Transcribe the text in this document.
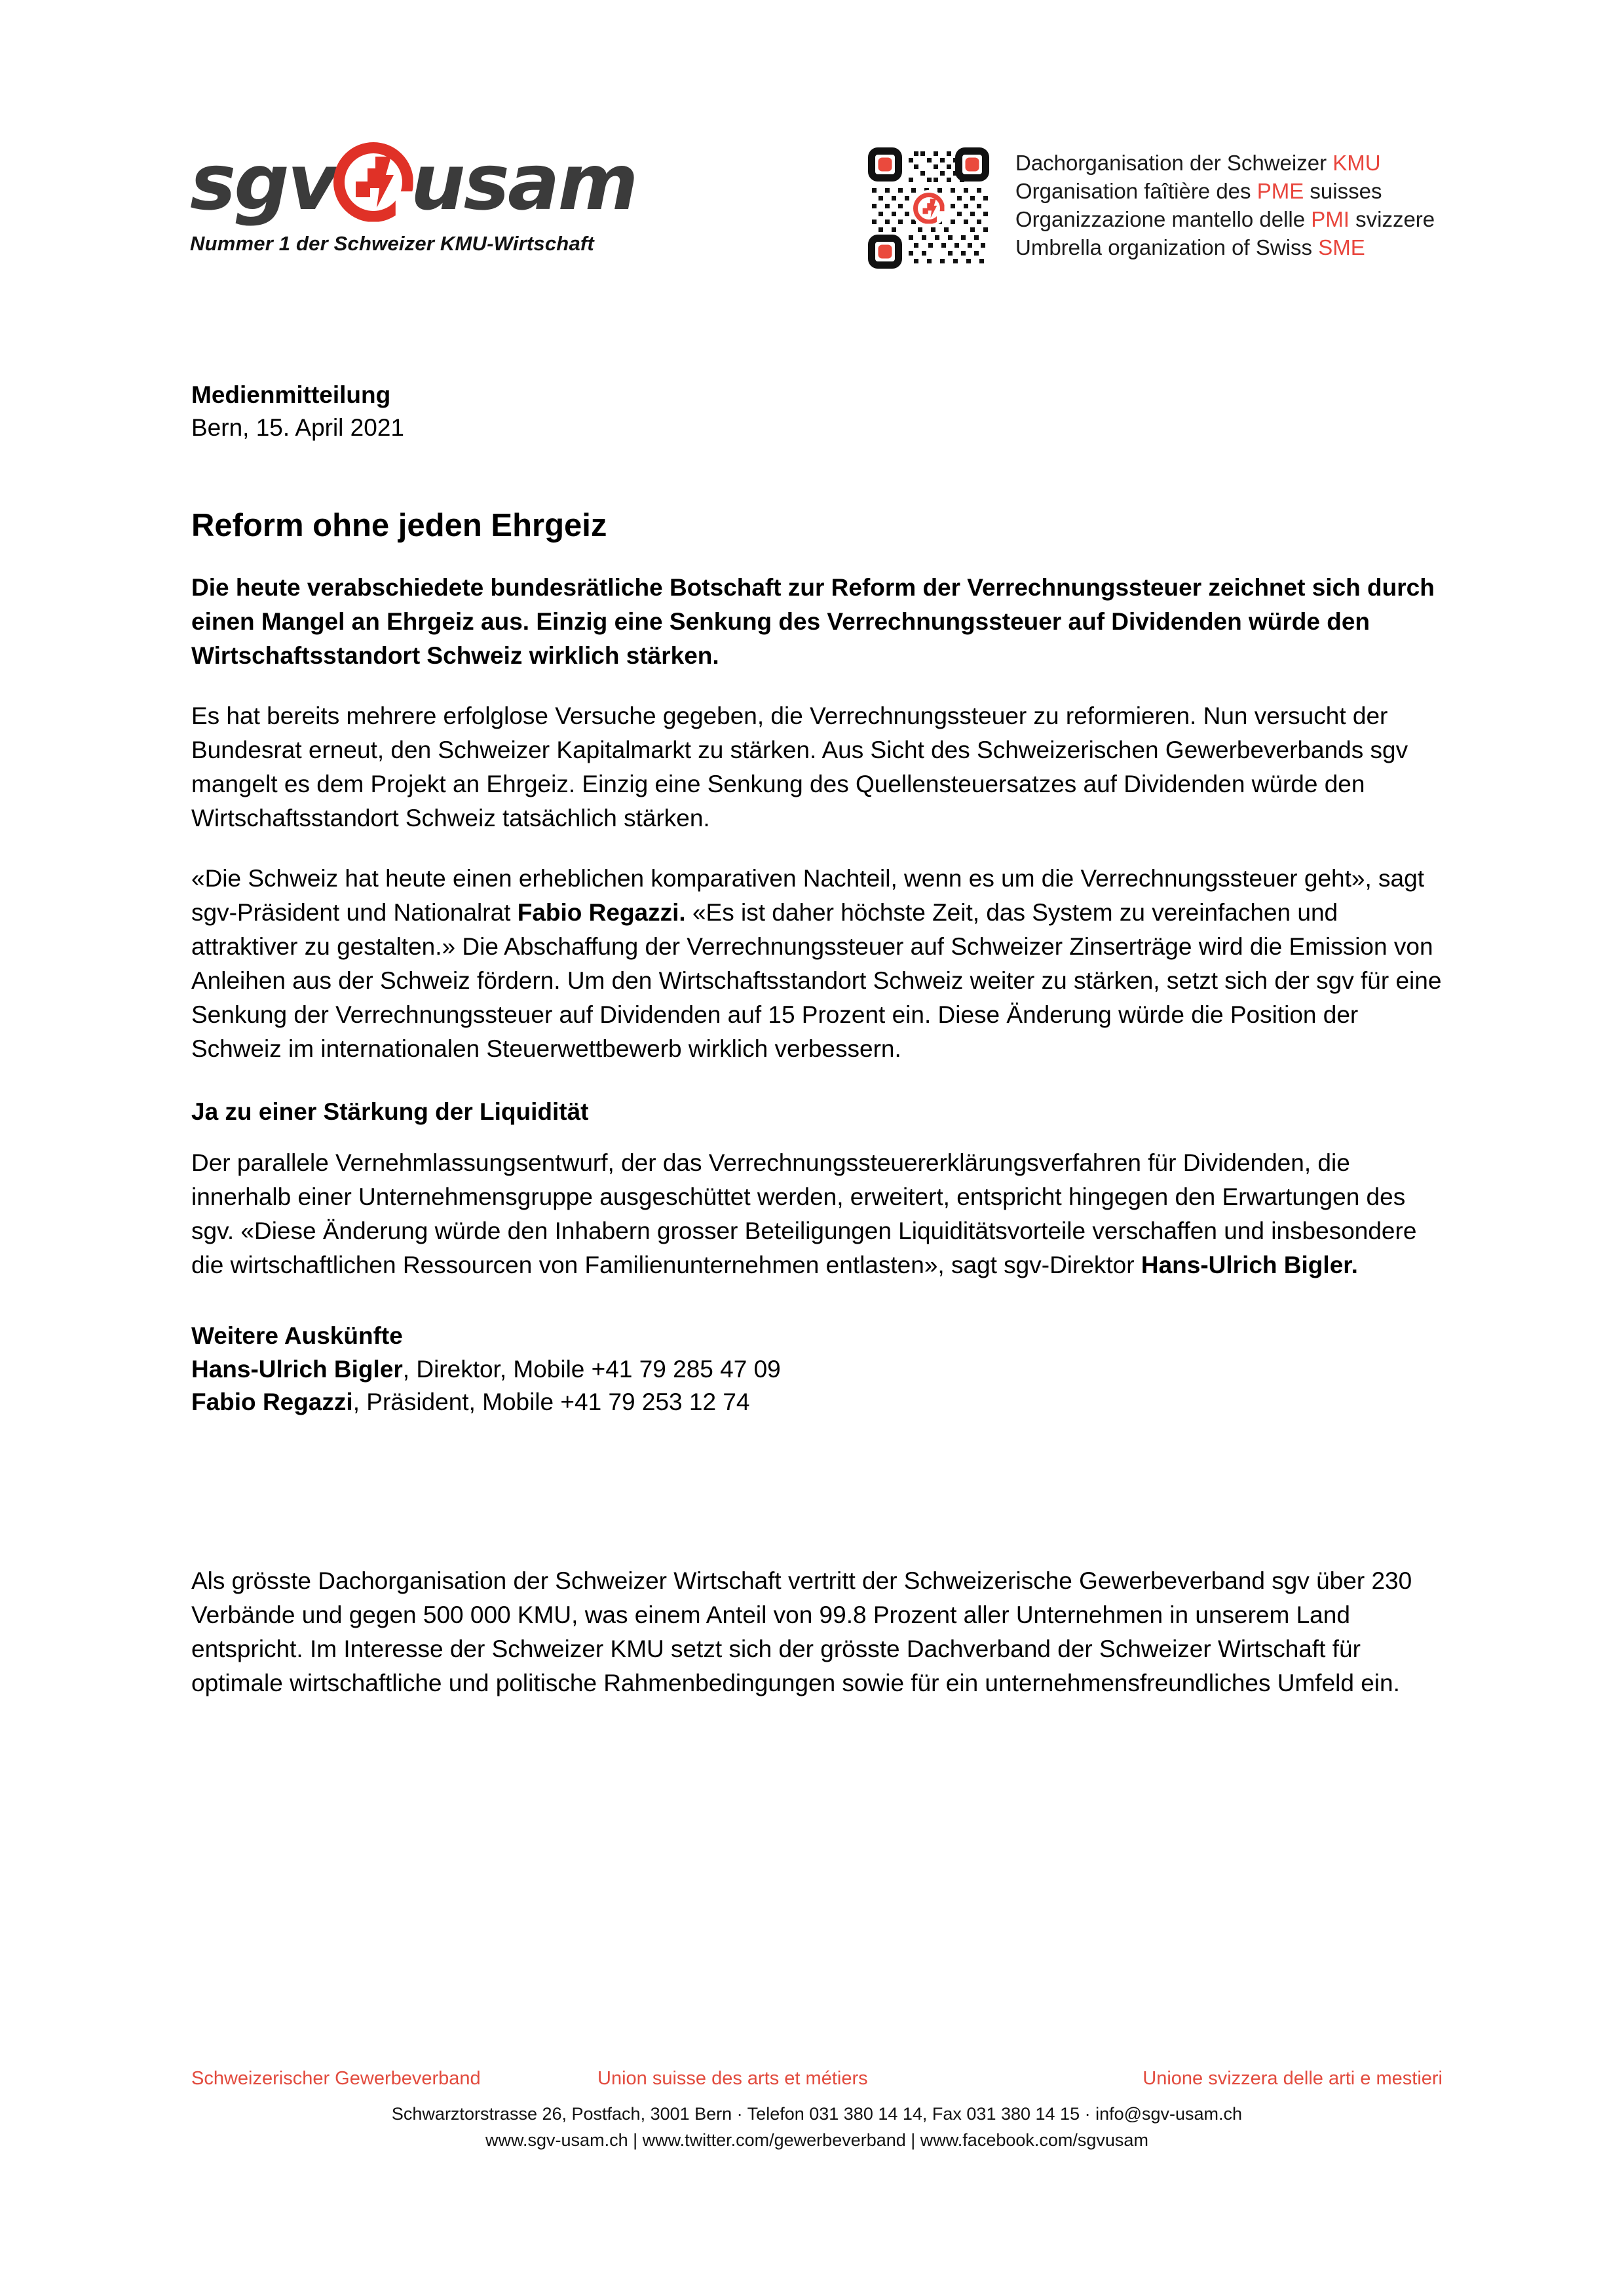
sgv usam
Nummer 1 der Schweizer KMU-Wirtschaft
Dachorganisation der Schweizer KMU
Organisation faîtière des PME suisses
Organizzazione mantello delle PMI svizzere
Umbrella organization of Swiss SME
Medienmitteilung
Bern, 15. April 2021
Reform ohne jeden Ehrgeiz

Die heute verabschiedete bundesrätliche Botschaft zur Reform der Verrechnungssteuer zeichnet sich durch einen Mangel an Ehrgeiz aus. Einzig eine Senkung des Verrechnungssteuer auf Dividenden würde den Wirtschaftsstandort Schweiz wirklich stärken.

Es hat bereits mehrere erfolglose Versuche gegeben, die Verrechnungssteuer zu reformieren. Nun versucht der Bundesrat erneut, den Schweizer Kapitalmarkt zu stärken. Aus Sicht des Schweizerischen Gewerbeverbands sgv mangelt es dem Projekt an Ehrgeiz. Einzig eine Senkung des Quellensteuersatzes auf Dividenden würde den Wirtschaftsstandort Schweiz tatsächlich stärken.

«Die Schweiz hat heute einen erheblichen komparativen Nachteil, wenn es um die Verrechnungssteuer geht», sagt sgv-Präsident und Nationalrat Fabio Regazzi. «Es ist daher höchste Zeit, das System zu vereinfachen und attraktiver zu gestalten.» Die Abschaffung der Verrechnungssteuer auf Schweizer Zinserträge wird die Emission von Anleihen aus der Schweiz fördern. Um den Wirtschaftsstandort Schweiz weiter zu stärken, setzt sich der sgv für eine Senkung der Verrechnungssteuer auf Dividenden auf 15 Prozent ein. Diese Änderung würde die Position der Schweiz im internationalen Steuerwettbewerb wirklich verbessern.

Ja zu einer Stärkung der Liquidität

Der parallele Vernehmlassungsentwurf, der das Verrechnungssteuererklärungsverfahren für Dividenden, die innerhalb einer Unternehmensgruppe ausgeschüttet werden, erweitert, entspricht hingegen den Erwartungen des sgv. «Diese Änderung würde den Inhabern grosser Beteiligungen Liquiditätsvorteile verschaffen und insbesondere die wirtschaftlichen Ressourcen von Familienunternehmen entlasten», sagt sgv-Direktor Hans-Ulrich Bigler.

Weitere Auskünfte
Hans-Ulrich Bigler, Direktor, Mobile +41 79 285 47 09
Fabio Regazzi, Präsident, Mobile +41 79 253 12 74

Als grösste Dachorganisation der Schweizer Wirtschaft vertritt der Schweizerische Gewerbeverband sgv über 230 Verbände und gegen 500 000 KMU, was einem Anteil von 99.8 Prozent aller Unternehmen in unserem Land entspricht. Im Interesse der Schweizer KMU setzt sich der grösste Dachverband der Schweizer Wirtschaft für optimale wirtschaftliche und politische Rahmenbedingungen sowie für ein unternehmensfreundliches Umfeld ein.

Schweizerischer Gewerbeverband	Union suisse des arts et métiers	Unione svizzera delle arti e mestieri
Schwarztorstrasse 26, Postfach, 3001 Bern · Telefon 031 380 14 14, Fax 031 380 14 15 · info@sgv-usam.ch
www.sgv-usam.ch | www.twitter.com/gewerbeverband | www.facebook.com/sgvusam
